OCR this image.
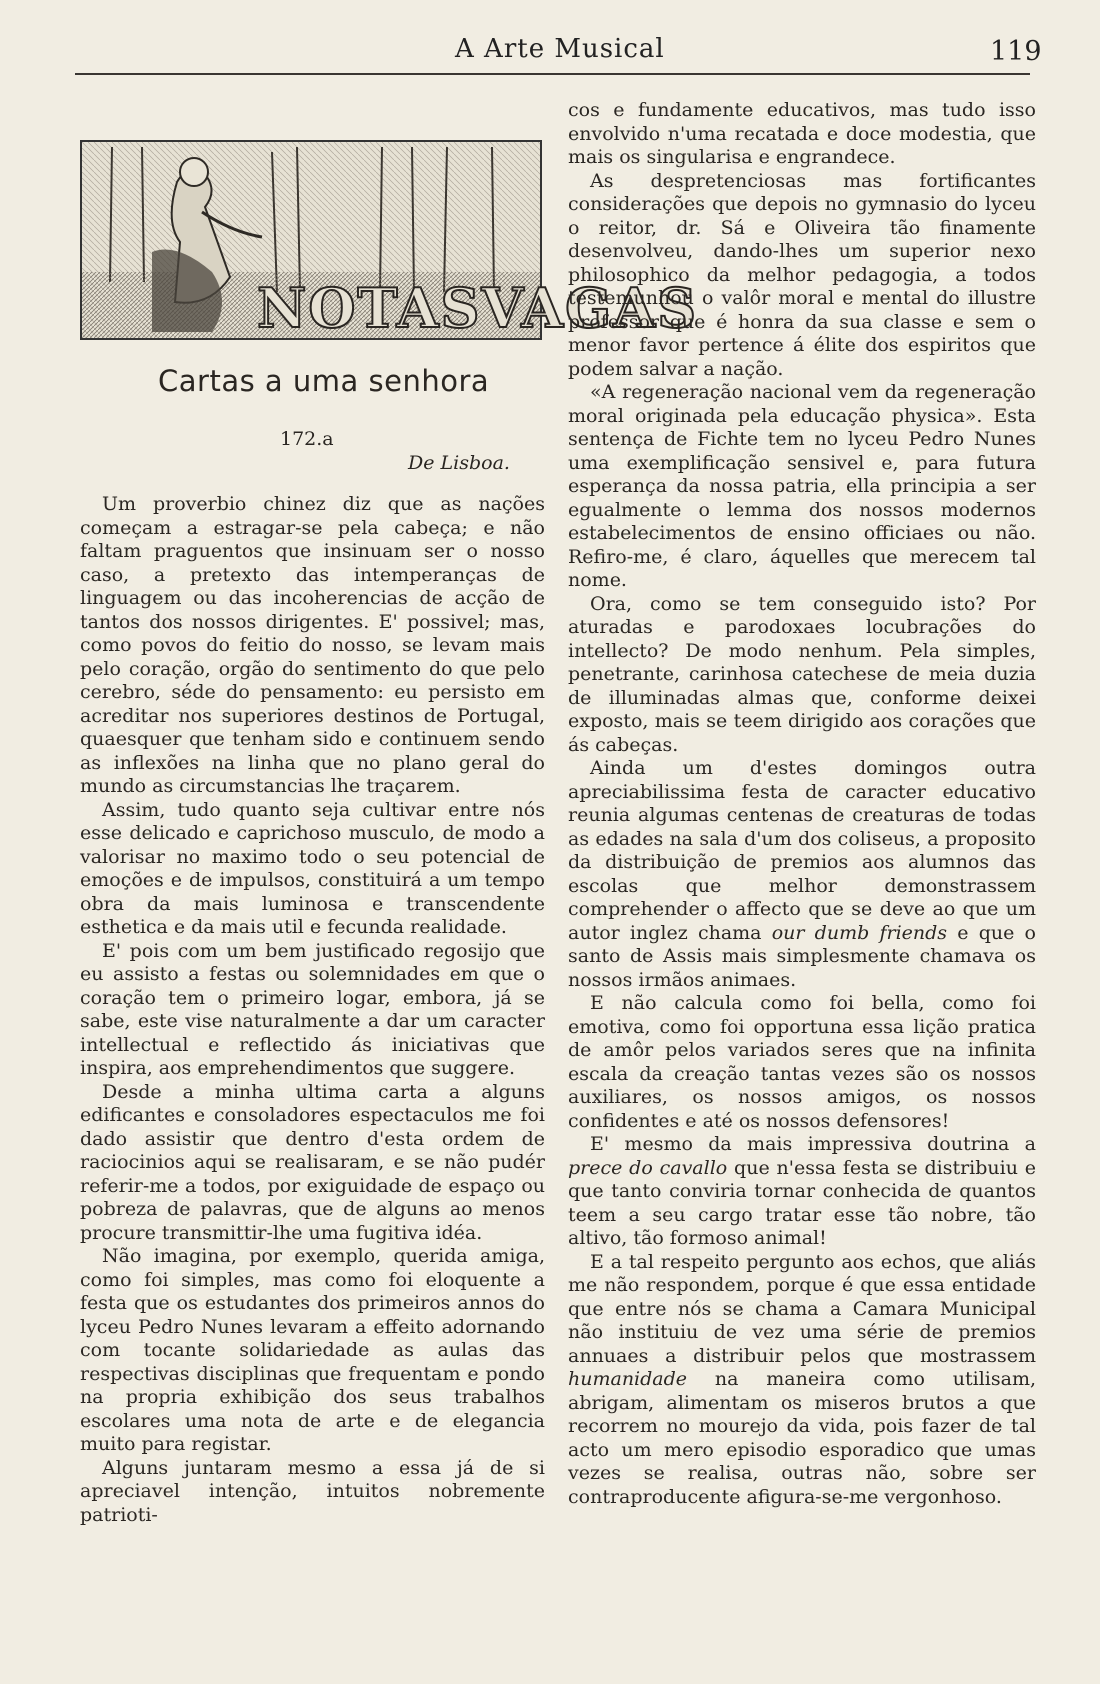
A Arte Musical	119
NOTASVAGAS
Cartas a uma senhora
172.a
De Lisboa.

Um proverbio chinez diz que as nações começam a estragar-se pela cabeça; e não faltam praguentos que insinuam ser o nosso caso, a pretexto das intemperanças de linguagem ou das incoherencias de acção de tantos dos nossos dirigentes. E' possivel; mas, como povos do feitio do nosso, se levam mais pelo coração, orgão do sentimento do que pelo cerebro, séde do pensamento: eu persisto em acreditar nos superiores destinos de Portugal, quaesquer que tenham sido e continuem sendo as inflexões na linha que no plano geral do mundo as circumstancias lhe traçarem.

Assim, tudo quanto seja cultivar entre nós esse delicado e caprichoso musculo, de modo a valorisar no maximo todo o seu potencial de emoções e de impulsos, constituirá a um tempo obra da mais luminosa e transcendente esthetica e da mais util e fecunda realidade.

E' pois com um bem justificado regosijo que eu assisto a festas ou solemnidades em que o coração tem o primeiro logar, embora, já se sabe, este vise naturalmente a dar um caracter intellectual e reflectido ás iniciativas que inspira, aos emprehendimentos que suggere.

Desde a minha ultima carta a alguns edificantes e consoladores espectaculos me foi dado assistir que dentro d'esta ordem de raciocinios aqui se realisaram, e se não pudér referir-me a todos, por exiguidade de espaço ou pobreza de palavras, que de alguns ao menos procure transmittir-lhe uma fugitiva idéa.

Não imagina, por exemplo, querida amiga, como foi simples, mas como foi eloquente a festa que os estudantes dos primeiros annos do lyceu Pedro Nunes levaram a effeito adornando com tocante solidariedade as aulas das respectivas disciplinas que frequentam e pondo na propria exhibição dos seus trabalhos escolares uma nota de arte e de elegancia muito para registar.

Alguns juntaram mesmo a essa já de si apreciavel intenção, intuitos nobremente patrioti-

cos e fundamente educativos, mas tudo isso envolvido n'uma recatada e doce modestia, que mais os singularisa e engrandece.

As despretenciosas mas fortificantes considerações que depois no gymnasio do lyceu o reitor, dr. Sá e Oliveira tão finamente desenvolveu, dando-lhes um superior nexo philosophico da melhor pedagogia, a todos testemunhou o valôr moral e mental do illustre professor que é honra da sua classe e sem o menor favor pertence á élite dos espiritos que podem salvar a nação.

«A regeneração nacional vem da regeneração moral originada pela educação physica». Esta sentença de Fichte tem no lyceu Pedro Nunes uma exemplificação sensivel e, para futura esperança da nossa patria, ella principia a ser egualmente o lemma dos nossos modernos estabelecimentos de ensino officiaes ou não. Refiro-me, é claro, áquelles que merecem tal nome.

Ora, como se tem conseguido isto? Por aturadas e parodoxaes locubrações do intellecto? De modo nenhum. Pela simples, penetrante, carinhosa catechese de meia duzia de illuminadas almas que, conforme deixei exposto, mais se teem dirigido aos corações que ás cabeças.

Ainda um d'estes domingos outra apreciabilissima festa de caracter educativo reunia algumas centenas de creaturas de todas as edades na sala d'um dos coliseus, a proposito da distribuição de premios aos alumnos das escolas que melhor demonstrassem comprehender o affecto que se deve ao que um autor inglez chama our dumb friends e que o santo de Assis mais simplesmente chamava os nossos irmãos animaes.

E não calcula como foi bella, como foi emotiva, como foi opportuna essa lição pratica de amôr pelos variados seres que na infinita escala da creação tantas vezes são os nossos auxiliares, os nossos amigos, os nossos confidentes e até os nossos defensores!

E' mesmo da mais impressiva doutrina a prece do cavallo que n'essa festa se distribuiu e que tanto conviria tornar conhecida de quantos teem a seu cargo tratar esse tão nobre, tão altivo, tão formoso animal!

E a tal respeito pergunto aos echos, que aliás me não respondem, porque é que essa entidade que entre nós se chama a Camara Municipal não instituiu de vez uma série de premios annuaes a distribuir pelos que mostrassem humanidade na maneira como utilisam, abrigam, alimentam os miseros brutos a que recorrem no mourejo da vida, pois fazer de tal acto um mero episodio esporadico que umas vezes se realisa, outras não, sobre ser contraproducente afigura-se-me vergonhoso.
